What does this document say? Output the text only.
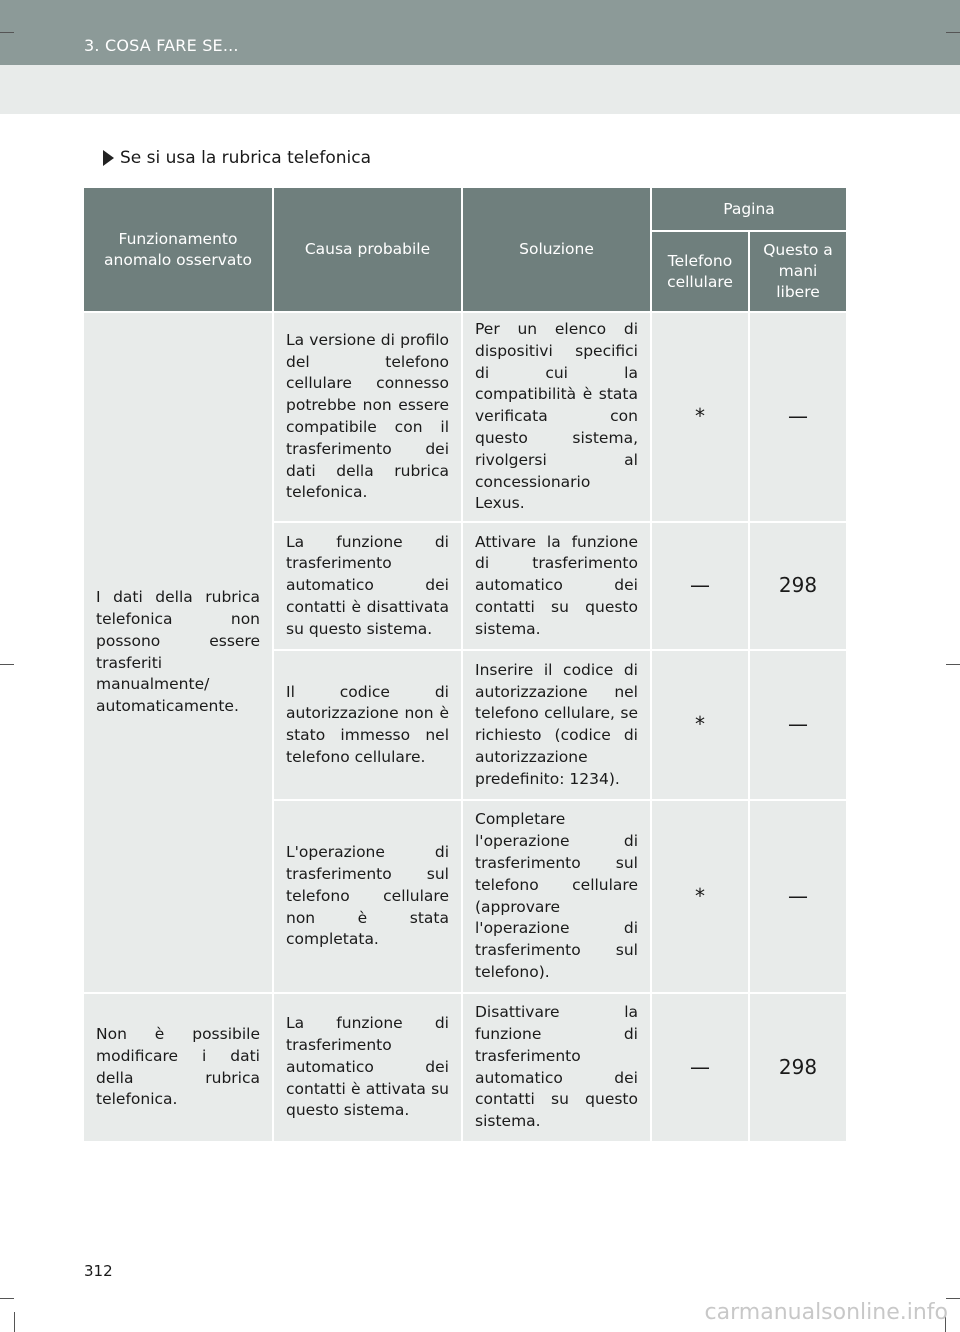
3. COSA FARE SE...
Se si usa la rubrica telefonica
Funzionamento anomalo osservato	Causa probabile	Soluzione	Pagina	
			Telefono cellulare	Questo a mani libere
I dati della rubrica telefonica non possono essere trasferiti manualmente/ automaticamente.	La versione di profilo del telefono cellulare connesso potrebbe non essere compatibile con il trasferimento dei dati della rubrica telefonica.	Per un elenco di dispositivi specifici di cui la compatibilità è stata verificata con questo sistema, rivolgersi al concessionario Lexus.	*	—
	La funzione di trasferimento automatico dei contatti è disattivata su questo sistema.	Attivare la funzione di trasferimento automatico dei contatti su questo sistema.	—	298
	Il codice di autorizzazione non è stato immesso nel telefono cellulare.	Inserire il codice di autorizzazione nel telefono cellulare, se richiesto (codice di autorizzazione predefinito: 1234).	*	—
	L'operazione di trasferimento sul telefono cellulare non è stata completata.	Completare l'operazione di trasferimento sul telefono cellulare (approvare l'operazione di trasferimento sul telefono).	*	—
Non è possibile modificare i dati della rubrica telefonica.	La funzione di trasferimento automatico dei contatti è attivata su questo sistema.	Disattivare la funzione di trasferimento automatico dei contatti su questo sistema.	—	298
312
carmanualsonline.info
